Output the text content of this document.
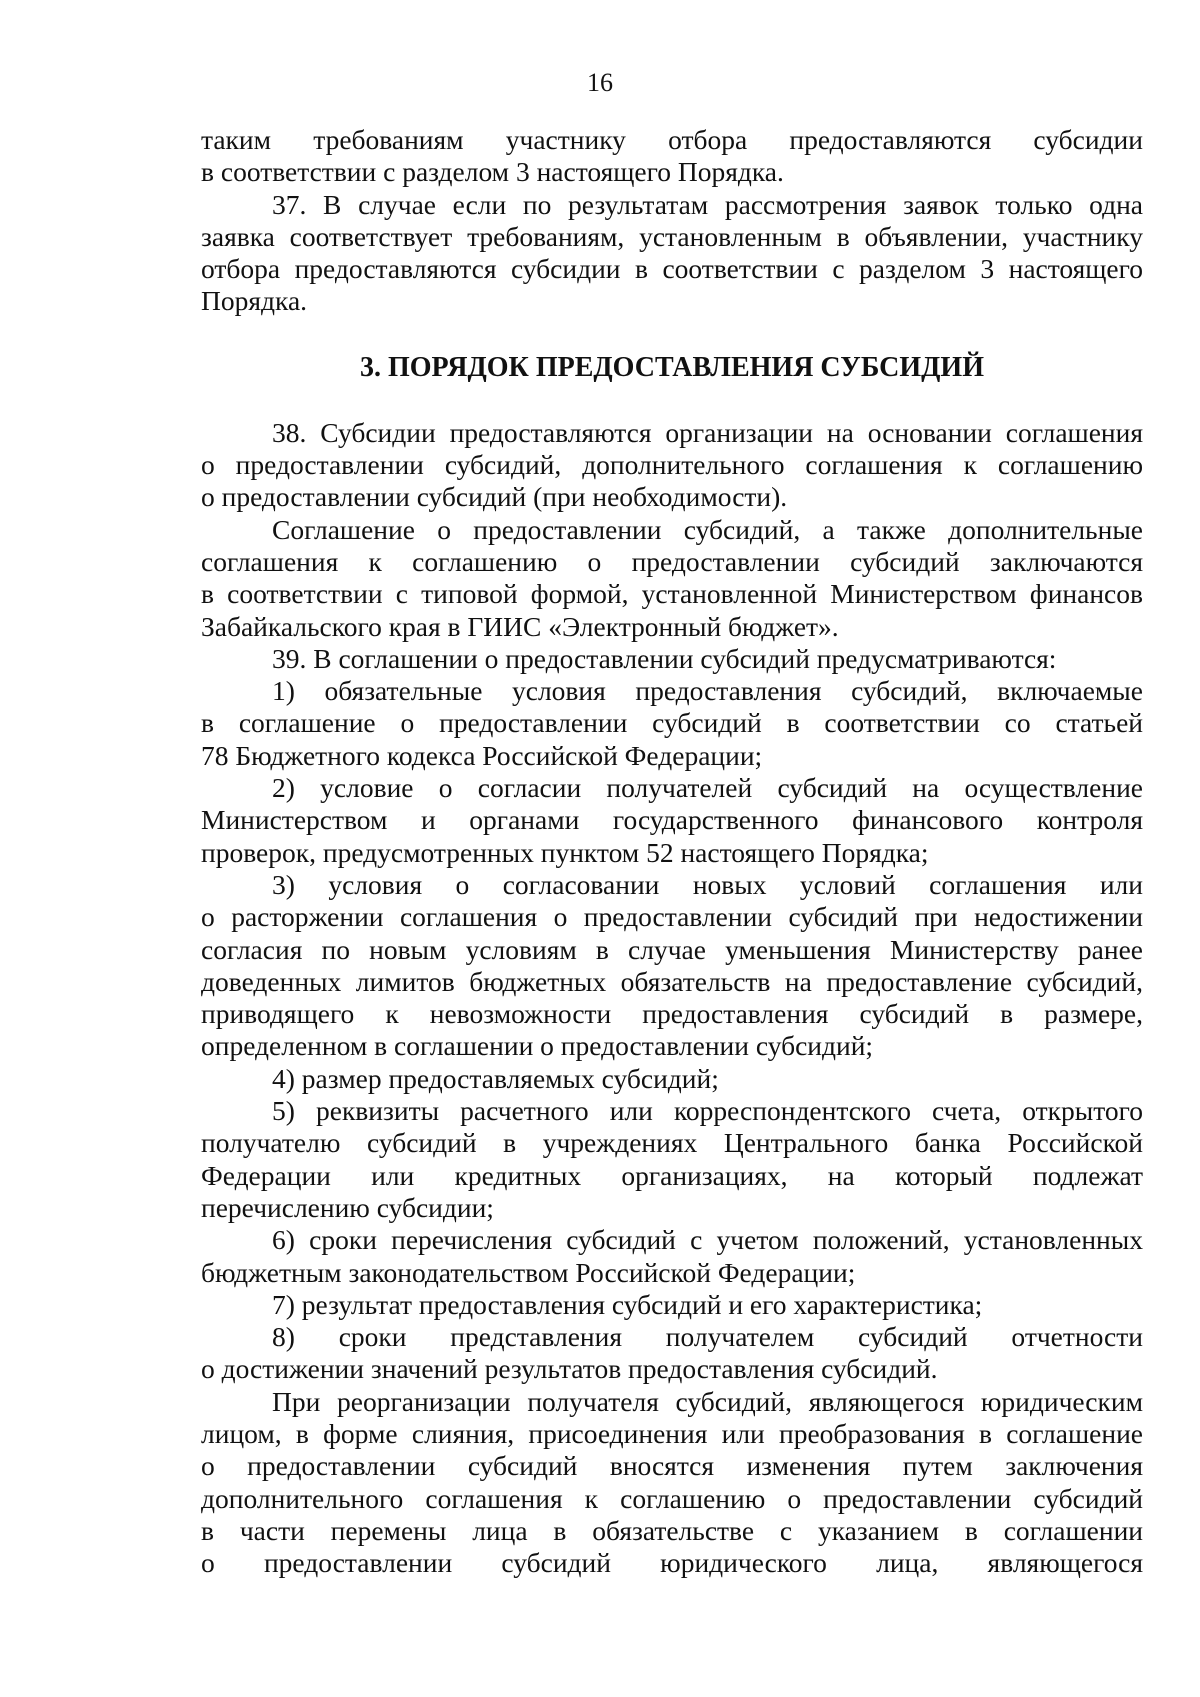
16
таким требованиям участнику отбора предоставляются субсидии
в соответствии с разделом 3 настоящего Порядка.
37. В случае если по результатам рассмотрения заявок только одна
заявка соответствует требованиям, установленным в объявлении, участнику
отбора предоставляются субсидии в соответствии с разделом 3 настоящего
Порядка.
3. ПОРЯДОК ПРЕДОСТАВЛЕНИЯ СУБСИДИЙ
38. Субсидии предоставляются организации на основании соглашения
о предоставлении субсидий, дополнительного соглашения к соглашению
о предоставлении субсидий (при необходимости).
Соглашение о предоставлении субсидий, а также дополнительные
соглашения к соглашению о предоставлении субсидий заключаются
в соответствии с типовой формой, установленной Министерством финансов
Забайкальского края в ГИИС «Электронный бюджет».
39. В соглашении о предоставлении субсидий предусматриваются:
1) обязательные условия предоставления субсидий, включаемые
в соглашение о предоставлении субсидий в соответствии со статьей
78 Бюджетного кодекса Российской Федерации;
2) условие о согласии получателей субсидий на осуществление
Министерством и органами государственного финансового контроля
проверок, предусмотренных пунктом 52 настоящего Порядка;
3) условия о согласовании новых условий соглашения или
о расторжении соглашения о предоставлении субсидий при недостижении
согласия по новым условиям в случае уменьшения Министерству ранее
доведенных лимитов бюджетных обязательств на предоставление субсидий,
приводящего к невозможности предоставления субсидий в размере,
определенном в соглашении о предоставлении субсидий;
4) размер предоставляемых субсидий;
5) реквизиты расчетного или корреспондентского счета, открытого
получателю субсидий в учреждениях Центрального банка Российской
Федерации или кредитных организациях, на который подлежат
перечислению субсидии;
6) сроки перечисления субсидий с учетом положений, установленных
бюджетным законодательством Российской Федерации;
7) результат предоставления субсидий и его характеристика;
8) сроки представления получателем субсидий отчетности
о достижении значений результатов предоставления субсидий.
При реорганизации получателя субсидий, являющегося юридическим
лицом, в форме слияния, присоединения или преобразования в соглашение
о предоставлении субсидий вносятся изменения путем заключения
дополнительного соглашения к соглашению о предоставлении субсидий
в части перемены лица в обязательстве с указанием в соглашении
о предоставлении субсидий юридического лица, являющегося
